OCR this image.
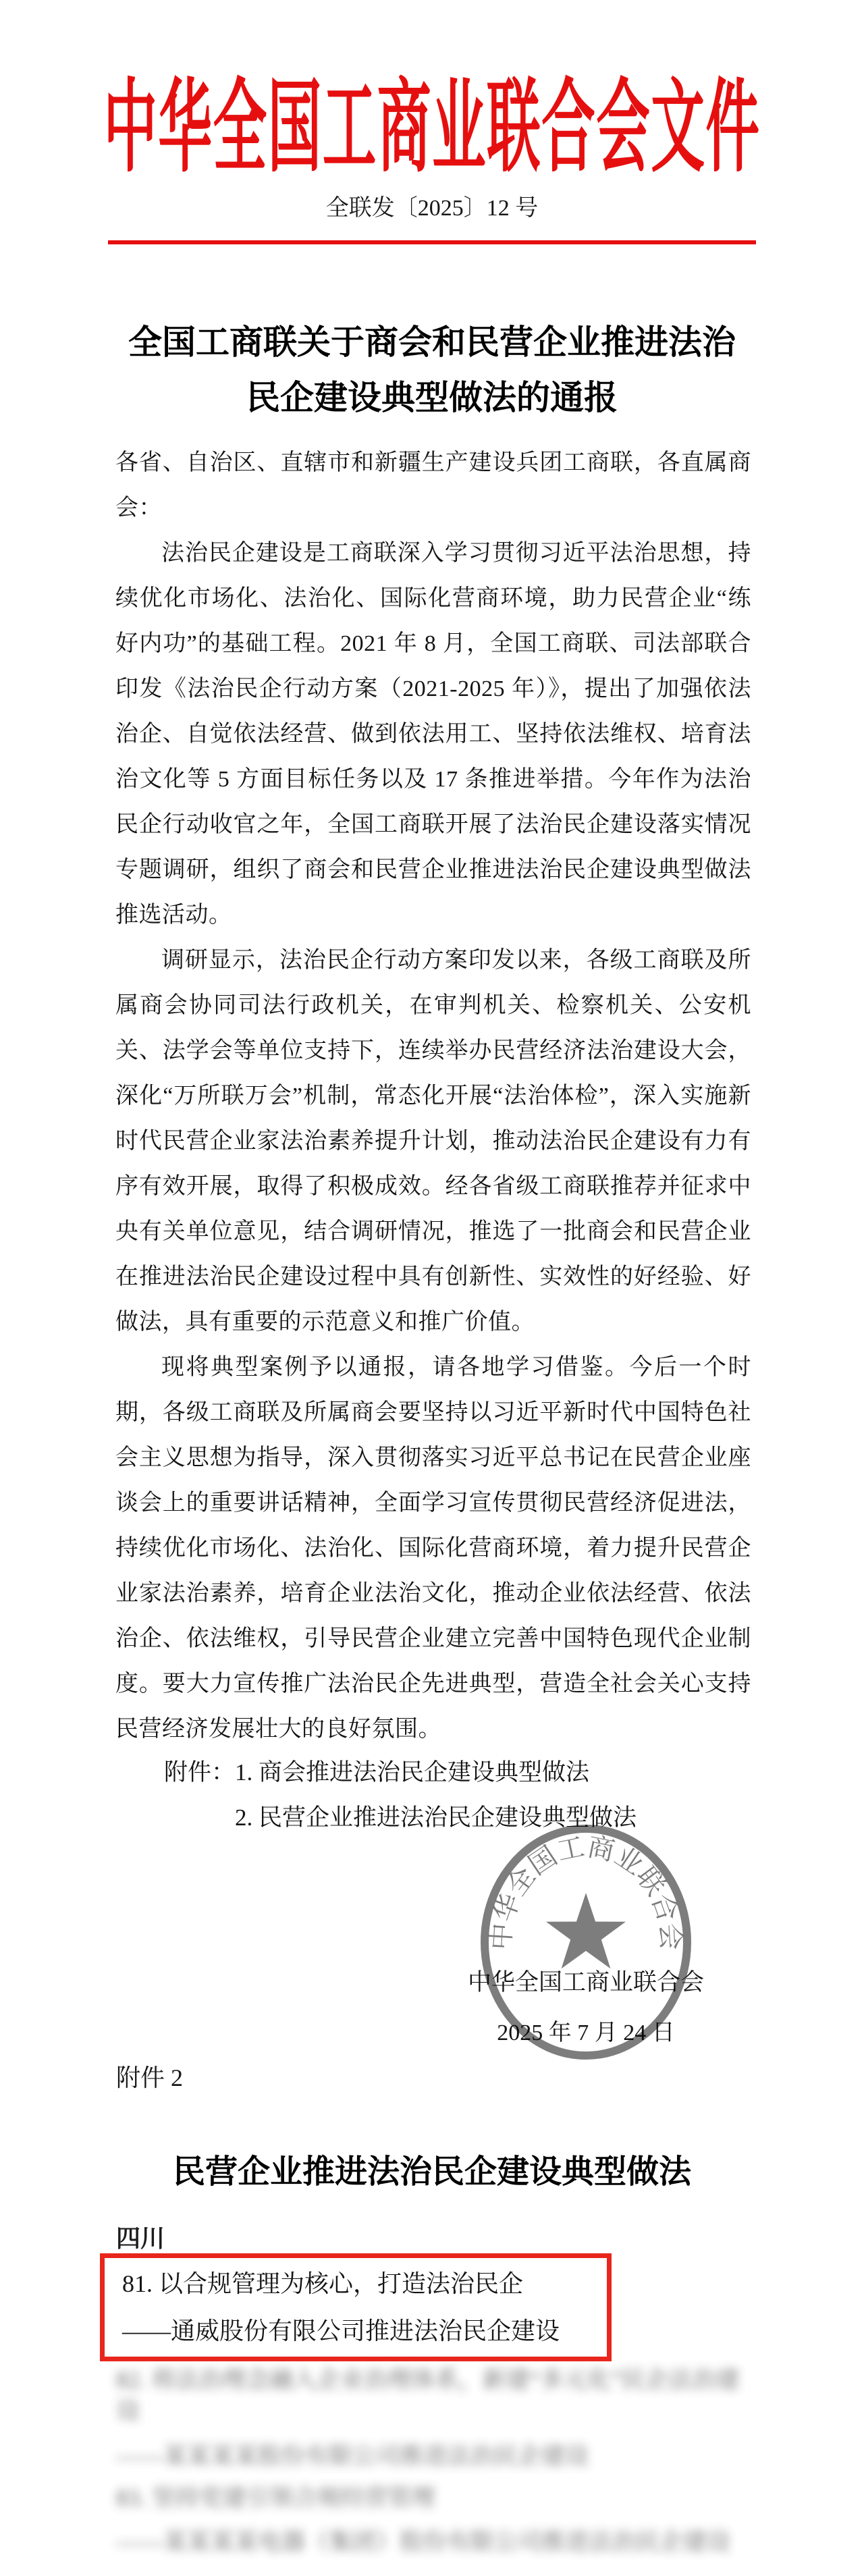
中华全国工商业联合会文件
全联发〔2025〕12 号
全国工商联关于商会和民营企业推进法治
民企建设典型做法的通报

各省、自治区、直辖市和新疆生产建设兵团工商联，各直属商会：

法治民企建设是工商联深入学习贯彻习近平法治思想，持续优化市场化、法治化、国际化营商环境，助力民营企业“练好内功”的基础工程。2021 年 8 月，全国工商联、司法部联合印发《法治民企行动方案（2021-2025 年）》，提出了加强依法治企、自觉依法经营、做到依法用工、坚持依法维权、培育法治文化等 5 方面目标任务以及 17 条推进举措。今年作为法治民企行动收官之年，全国工商联开展了法治民企建设落实情况专题调研，组织了商会和民营企业推进法治民企建设典型做法推选活动。

调研显示，法治民企行动方案印发以来，各级工商联及所属商会协同司法行政机关，在审判机关、检察机关、公安机关、法学会等单位支持下，连续举办民营经济法治建设大会，深化“万所联万会”机制，常态化开展“法治体检”，深入实施新时代民营企业家法治素养提升计划，推动法治民企建设有力有序有效开展，取得了积极成效。经各省级工商联推荐并征求中央有关单位意见，结合调研情况，推选了一批商会和民营企业在推进法治民企建设过程中具有创新性、实效性的好经验、好做法，具有重要的示范意义和推广价值。

现将典型案例予以通报，请各地学习借鉴。今后一个时期，各级工商联及所属商会要坚持以习近平新时代中国特色社会主义思想为指导，深入贯彻落实习近平总书记在民营企业座谈会上的重要讲话精神，全面学习宣传贯彻民营经济促进法，持续优化市场化、法治化、国际化营商环境，着力提升民营企业家法治素养，培育企业法治文化，推动企业依法经营、依法治企、依法维权，引导民营企业建立完善中国特色现代企业制度。要大力宣传推广法治民企先进典型，营造全社会关心支持民营经济发展壮大的良好氛围。

附件：1. 商会推进法治民企建设典型做法
2. 民营企业推进法治民企建设典型做法
中华全国工商业联合会
2025 年 7 月 24 日
中华全国工商业联合会
附件 2
民营企业推进法治民企建设典型做法
四川

81. 以合规管理为核心，打造法治民企

——通威股份有限公司推进法治民企建设

82. 将法治理念融入企业治理体系，新建“多元化”民企法治建
设
——某某某某股份有限公司推进法治民企建设
83. 坚持党建引领合规经营管理
——某某某某电器（集团）股份有限公司推进法治民企建设
